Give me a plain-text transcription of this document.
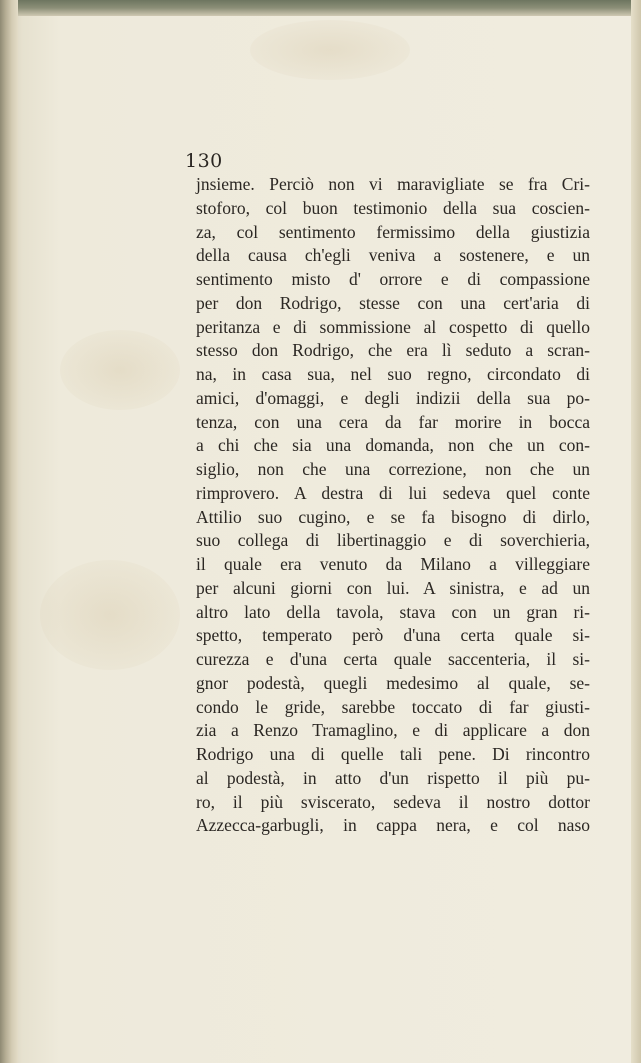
130
jnsieme. Perciò non vi maravigliate se fra Cri-
stoforo, col buon testimonio della sua coscien-
za, col sentimento fermissimo della giustizia
della causa ch'egli veniva a sostenere, e un
sentimento misto d' orrore e di compassione
per don Rodrigo, stesse con una cert'aria di
peritanza e di sommissione al cospetto di quello
stesso don Rodrigo, che era lì seduto a scran-
na, in casa sua, nel suo regno, circondato di
amici, d'omaggi, e degli indizii della sua po-
tenza, con una cera da far morire in bocca
a chi che sia una domanda, non che un con-
siglio, non che una correzione, non che un
rimprovero. A destra di lui sedeva quel conte
Attilio suo cugino, e se fa bisogno di dirlo,
suo collega di libertinaggio e di soverchieria,
il quale era venuto da Milano a villeggiare
per alcuni giorni con lui. A sinistra, e ad un
altro lato della tavola, stava con un gran ri-
spetto, temperato però d'una certa quale si-
curezza e d'una certa quale saccenteria, il si-
gnor podestà, quegli medesimo al quale, se-
condo le gride, sarebbe toccato di far giusti-
zia a Renzo Tramaglino, e di applicare a don
Rodrigo una di quelle tali pene. Di rincontro
al podestà, in atto d'un rispetto il più pu-
ro, il più svisceratо, sedeva il nostro dottor
Azzecca-garbugli, in cappa nera, e col naso
